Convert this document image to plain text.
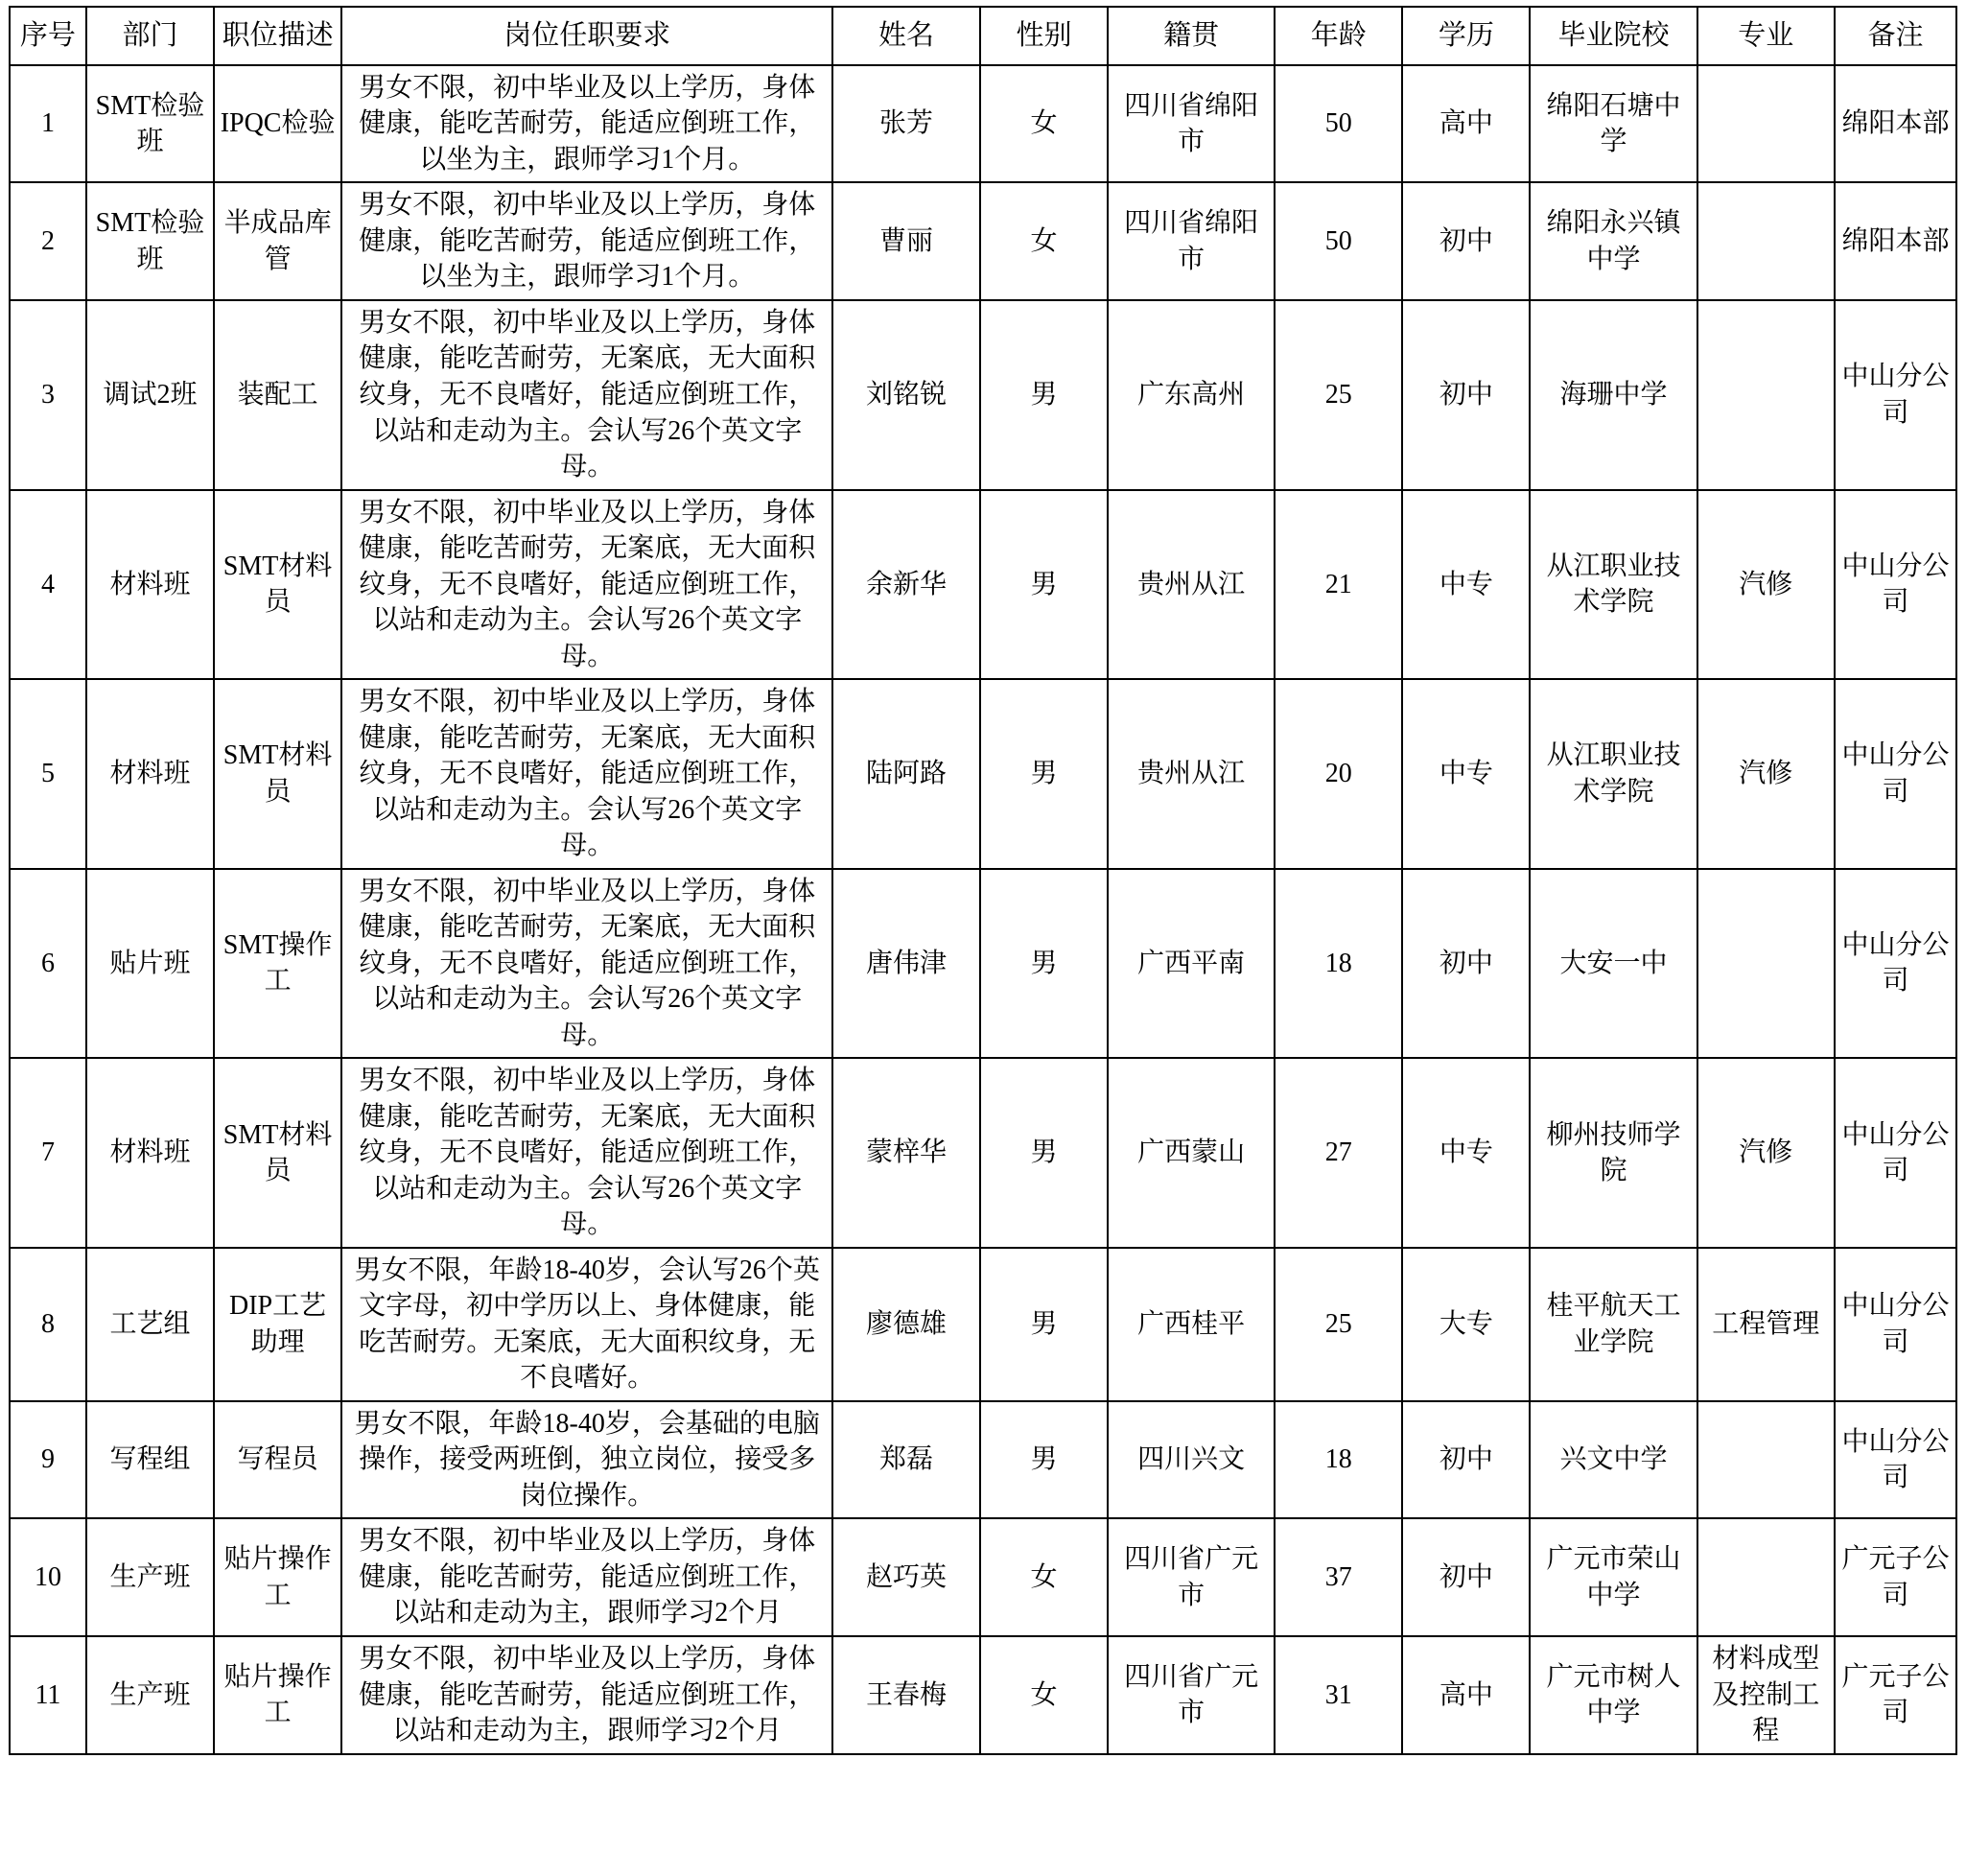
序号	部门	职位描述	岗位任职要求	姓名	性别	籍贯	年龄	学历	毕业院校	专业	备注
1	SMT检验班	IPQC检验	男女不限，初中毕业及以上学历，身体健康，能吃苦耐劳，能适应倒班工作，以坐为主，跟师学习1个月。	张芳	女	四川省绵阳市	50	高中	绵阳石塘中学		绵阳本部
2	SMT检验班	半成品库管	男女不限，初中毕业及以上学历，身体健康，能吃苦耐劳，能适应倒班工作，以坐为主，跟师学习1个月。	曹丽	女	四川省绵阳市	50	初中	绵阳永兴镇中学		绵阳本部
3	调试2班	装配工	男女不限，初中毕业及以上学历，身体健康，能吃苦耐劳，无案底，无大面积纹身，无不良嗜好，能适应倒班工作，以站和走动为主。会认写26个英文字母。	刘铭锐	男	广东高州	25	初中	海珊中学		中山分公司
4	材料班	SMT材料员	男女不限，初中毕业及以上学历，身体健康，能吃苦耐劳，无案底，无大面积纹身，无不良嗜好，能适应倒班工作，以站和走动为主。会认写26个英文字母。	余新华	男	贵州从江	21	中专	从江职业技术学院	汽修	中山分公司
5	材料班	SMT材料员	男女不限，初中毕业及以上学历，身体健康，能吃苦耐劳，无案底，无大面积纹身，无不良嗜好，能适应倒班工作，以站和走动为主。会认写26个英文字母。	陆阿路	男	贵州从江	20	中专	从江职业技术学院	汽修	中山分公司
6	贴片班	SMT操作工	男女不限，初中毕业及以上学历，身体健康，能吃苦耐劳，无案底，无大面积纹身，无不良嗜好，能适应倒班工作，以站和走动为主。会认写26个英文字母。	唐伟津	男	广西平南	18	初中	大安一中		中山分公司
7	材料班	SMT材料员	男女不限，初中毕业及以上学历，身体健康，能吃苦耐劳，无案底，无大面积纹身，无不良嗜好，能适应倒班工作，以站和走动为主。会认写26个英文字母。	蒙梓华	男	广西蒙山	27	中专	柳州技师学院	汽修	中山分公司
8	工艺组	DIP工艺助理	男女不限，年龄18-40岁，会认写26个英文字母，初中学历以上、身体健康，能吃苦耐劳。无案底，无大面积纹身，无不良嗜好。	廖德雄	男	广西桂平	25	大专	桂平航天工业学院	工程管理	中山分公司
9	写程组	写程员	男女不限，年龄18-40岁，会基础的电脑操作，接受两班倒，独立岗位，接受多岗位操作。	郑磊	男	四川兴文	18	初中	兴文中学		中山分公司
10	生产班	贴片操作工	男女不限，初中毕业及以上学历，身体健康，能吃苦耐劳，能适应倒班工作，以站和走动为主，跟师学习2个月	赵巧英	女	四川省广元市	37	初中	广元市荣山中学		广元子公司
11	生产班	贴片操作工	男女不限，初中毕业及以上学历，身体健康，能吃苦耐劳，能适应倒班工作，以站和走动为主，跟师学习2个月	王春梅	女	四川省广元市	31	高中	广元市树人中学	材料成型及控制工程	广元子公司
